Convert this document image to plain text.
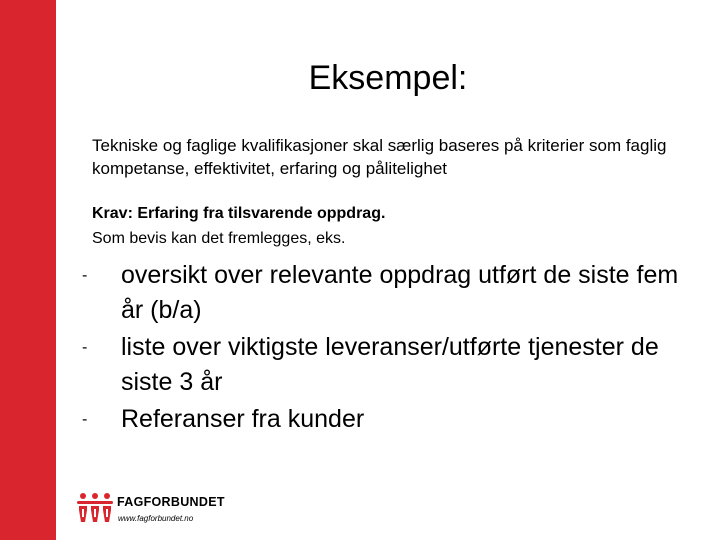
Eksempel:
Tekniske og faglige kvalifikasjoner skal særlig baseres på kriterier som faglig kompetanse, effektivitet, erfaring og pålitelighet
Krav: Erfaring fra tilsvarende oppdrag.
Som bevis kan det fremlegges, eks.
- oversikt over relevante oppdrag utført de siste fem år (b/a)
- liste over viktigste leveranser/utførte tjenester de siste 3 år
- Referanser fra kunder
FAGFORBUNDET
www.fagforbundet.no
